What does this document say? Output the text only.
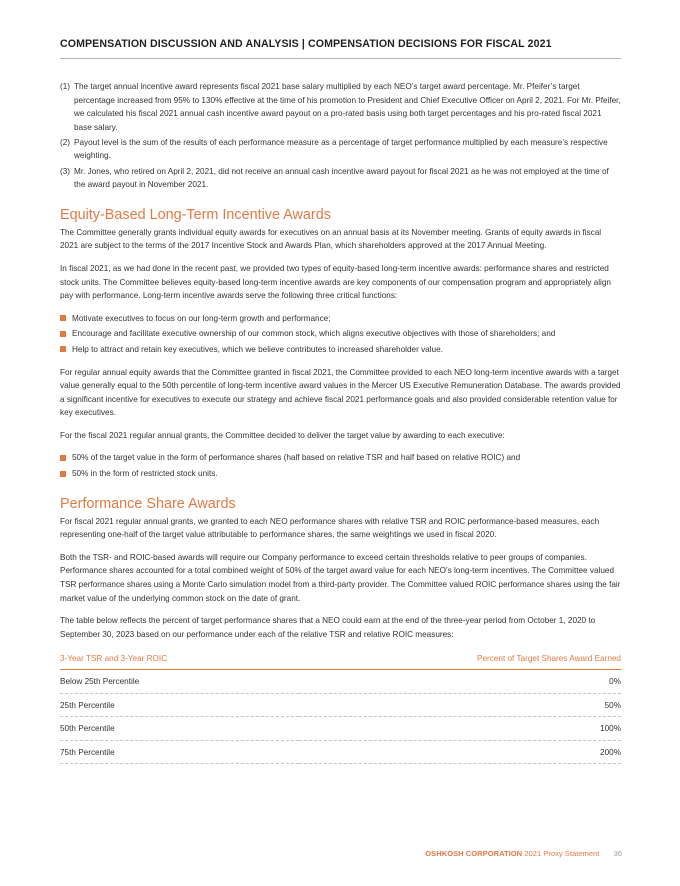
COMPENSATION DISCUSSION AND ANALYSIS | COMPENSATION DECISIONS FOR FISCAL 2021
(1) The target annual incentive award represents fiscal 2021 base salary multiplied by each NEO’s target award percentage. Mr. Pfeifer’s target percentage increased from 95% to 130% effective at the time of his promotion to President and Chief Executive Officer on April 2, 2021. For Mr. Pfeifer, we calculated his fiscal 2021 annual cash incentive award payout on a pro-rated basis using both target percentages and his pro-rated fiscal 2021 base salary.
(2) Payout level is the sum of the results of each performance measure as a percentage of target performance multiplied by each measure’s respective weighting.
(3) Mr. Jones, who retired on April 2, 2021, did not receive an annual cash incentive award payout for fiscal 2021 as he was not employed at the time of the award payout in November 2021.
Equity-Based Long-Term Incentive Awards

The Committee generally grants individual equity awards for executives on an annual basis at its November meeting. Grants of equity awards in fiscal 2021 are subject to the terms of the 2017 Incentive Stock and Awards Plan, which shareholders approved at the 2017 Annual Meeting.

In fiscal 2021, as we had done in the recent past, we provided two types of equity-based long-term incentive awards: performance shares and restricted stock units. The Committee believes equity-based long-term incentive awards are key components of our compensation program and appropriately align pay with performance. Long-term incentive awards serve the following three critical functions:

Motivate executives to focus on our long-term growth and performance;
Encourage and facilitate executive ownership of our common stock, which aligns executive objectives with those of shareholders; and
Help to attract and retain key executives, which we believe contributes to increased shareholder value.

For regular annual equity awards that the Committee granted in fiscal 2021, the Committee provided to each NEO long-term incentive awards with a target value generally equal to the 50th percentile of long-term incentive award values in the Mercer US Executive Remuneration Database. The awards provided a significant incentive for executives to execute our strategy and achieve fiscal 2021 performance goals and also provided considerable retention value for key executives.

For the fiscal 2021 regular annual grants, the Committee decided to deliver the target value by awarding to each executive:

50% of the target value in the form of performance shares (half based on relative TSR and half based on relative ROIC) and
50% in the form of restricted stock units.
Performance Share Awards

For fiscal 2021 regular annual grants, we granted to each NEO performance shares with relative TSR and ROIC performance-based measures, each representing one-half of the target value attributable to performance shares, the same weightings we used in fiscal 2020.

Both the TSR- and ROIC-based awards will require our Company performance to exceed certain thresholds relative to peer groups of companies. Performance shares accounted for a total combined weight of 50% of the target award value for each NEO’s long-term incentives. The Committee valued TSR performance shares using a Monte Carlo simulation model from a third-party provider. The Committee valued ROIC performance shares using the fair market value of the underlying common stock on the date of grant.

The table below reflects the percent of target performance shares that a NEO could earn at the end of the three-year period from October 1, 2020 to September 30, 2023 based on our performance under each of the relative TSR and relative ROIC measures:

3-Year TSR and 3-Year ROIC	Percent of Target Shares Award Earned
Below 25th Percentile	0%
25th Percentile	50%
50th Percentile	100%
75th Percentile	200%
OSHKOSH CORPORATION 2021 Proxy Statement 36
